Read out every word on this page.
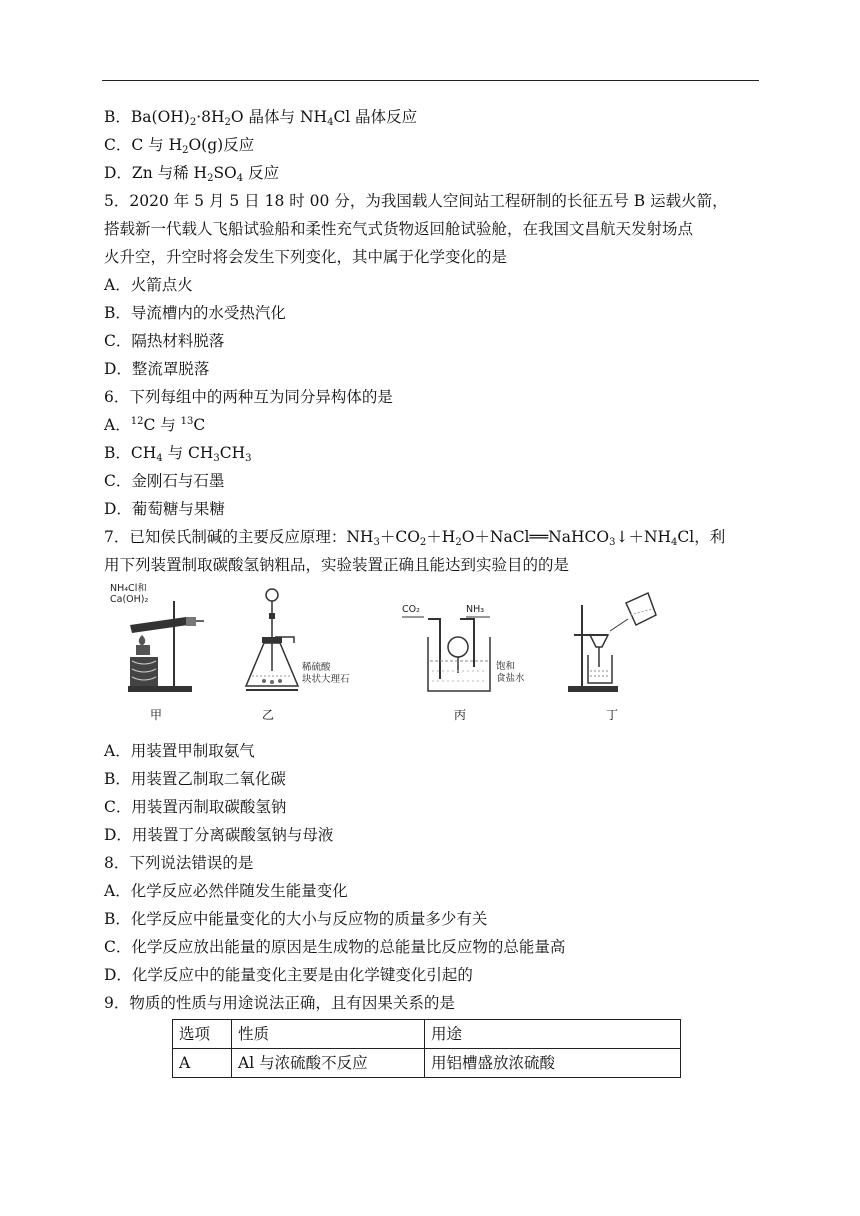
B．$Ba(OH)_2\cdot 8H_2O$ 晶体与 $NH_4Cl$ 晶体反应
C．C 与 $H_2O(g)$反应
D．Zn 与稀 $H_2SO_4$ 反应
5．2020 年 5 月 5 日 18 时 00 分，为我国载人空间站工程研制的长征五号 B 运载火箭，
搭载新一代载人飞船试验船和柔性充气式货物返回舱试验舱，在我国文昌航天发射场点
火升空，升空时将会发生下列变化，其中属于化学变化的是
A．火箭点火
B．导流槽内的水受热汽化
C．隔热材料脱落
D．整流罩脱落
6．下列每组中的两种互为同分异构体的是
A．$^{12}$C 与 $^{13}$C
B．$CH_4$ 与 $CH_3CH_3$
C．金刚石与石墨
D．葡萄糖与果糖
7．已知侯氏制碱的主要反应原理：$NH_3+CO_2+H_2O+NaCl══NaHCO_3↓+NH_4Cl$，利
用下列装置制取碳酸氢钠粗品，实验装置正确且能达到实验目的的是
NH₄Cl和
Ca(OH)₂
甲
稀硫酸
块状大理石
乙
CO₂	NH₃
饱和
食盐水
丙	丁
A．用装置甲制取氨气
B．用装置乙制取二氧化碳
C．用装置丙制取碳酸氢钠
D．用装置丁分离碳酸氢钠与母液
8．下列说法错误的是
A．化学反应必然伴随发生能量变化
B．化学反应中能量变化的大小与反应物的质量多少有关
C．化学反应放出能量的原因是生成物的总能量比反应物的总能量高
D．化学反应中的能量变化主要是由化学键变化引起的
9．物质的性质与用途说法正确，且有因果关系的是
选项	性质	用途
A	Al 与浓硫酸不反应	用铝槽盛放浓硫酸
